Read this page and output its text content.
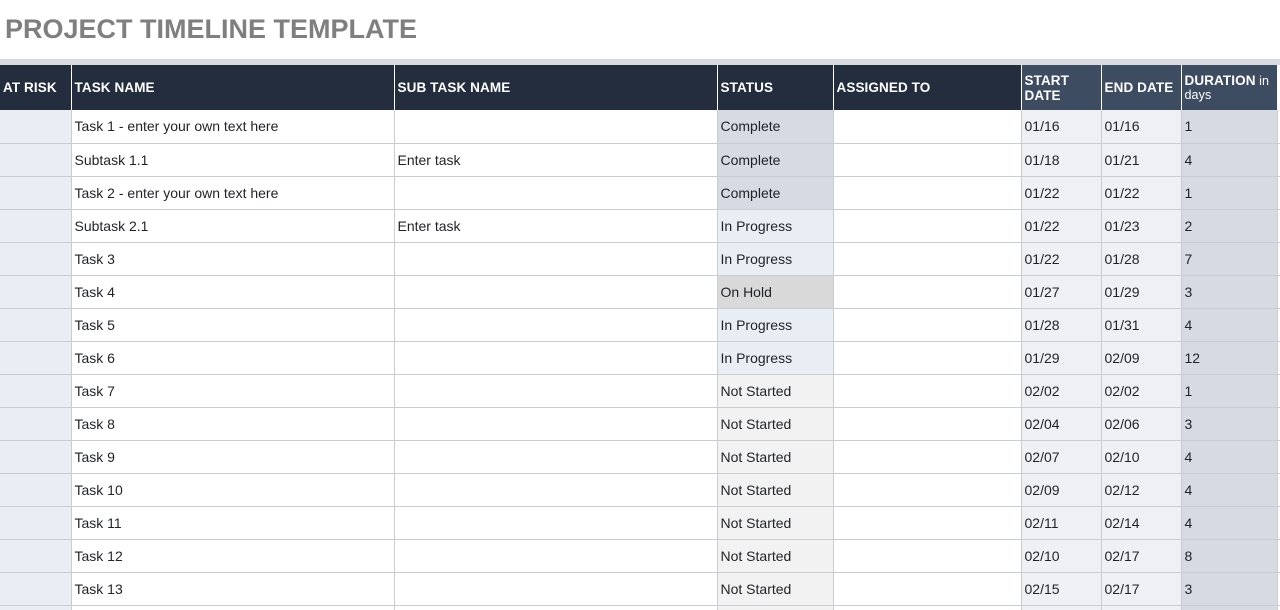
PROJECT TIMELINE TEMPLATE
AT RISK	TASK NAME	SUB TASK NAME	STATUS	ASSIGNED TO	START DATE	END DATE	DURATION in days	
	Task 1 - enter your own text here		Complete		01/16	01/16	1	
	Subtask 1.1	Enter task	Complete		01/18	01/21	4	
	Task 2 - enter your own text here		Complete		01/22	01/22	1	
	Subtask 2.1	Enter task	In Progress		01/22	01/23	2	
	Task 3		In Progress		01/22	01/28	7	
	Task 4		On Hold		01/27	01/29	3	
	Task 5		In Progress		01/28	01/31	4	
	Task 6		In Progress		01/29	02/09	12	
	Task 7		Not Started		02/02	02/02	1	
	Task 8		Not Started		02/04	02/06	3	
	Task 9		Not Started		02/07	02/10	4	
	Task 10		Not Started		02/09	02/12	4	
	Task 11		Not Started		02/11	02/14	4	
	Task 12		Not Started		02/10	02/17	8	
	Task 13		Not Started		02/15	02/17	3	
